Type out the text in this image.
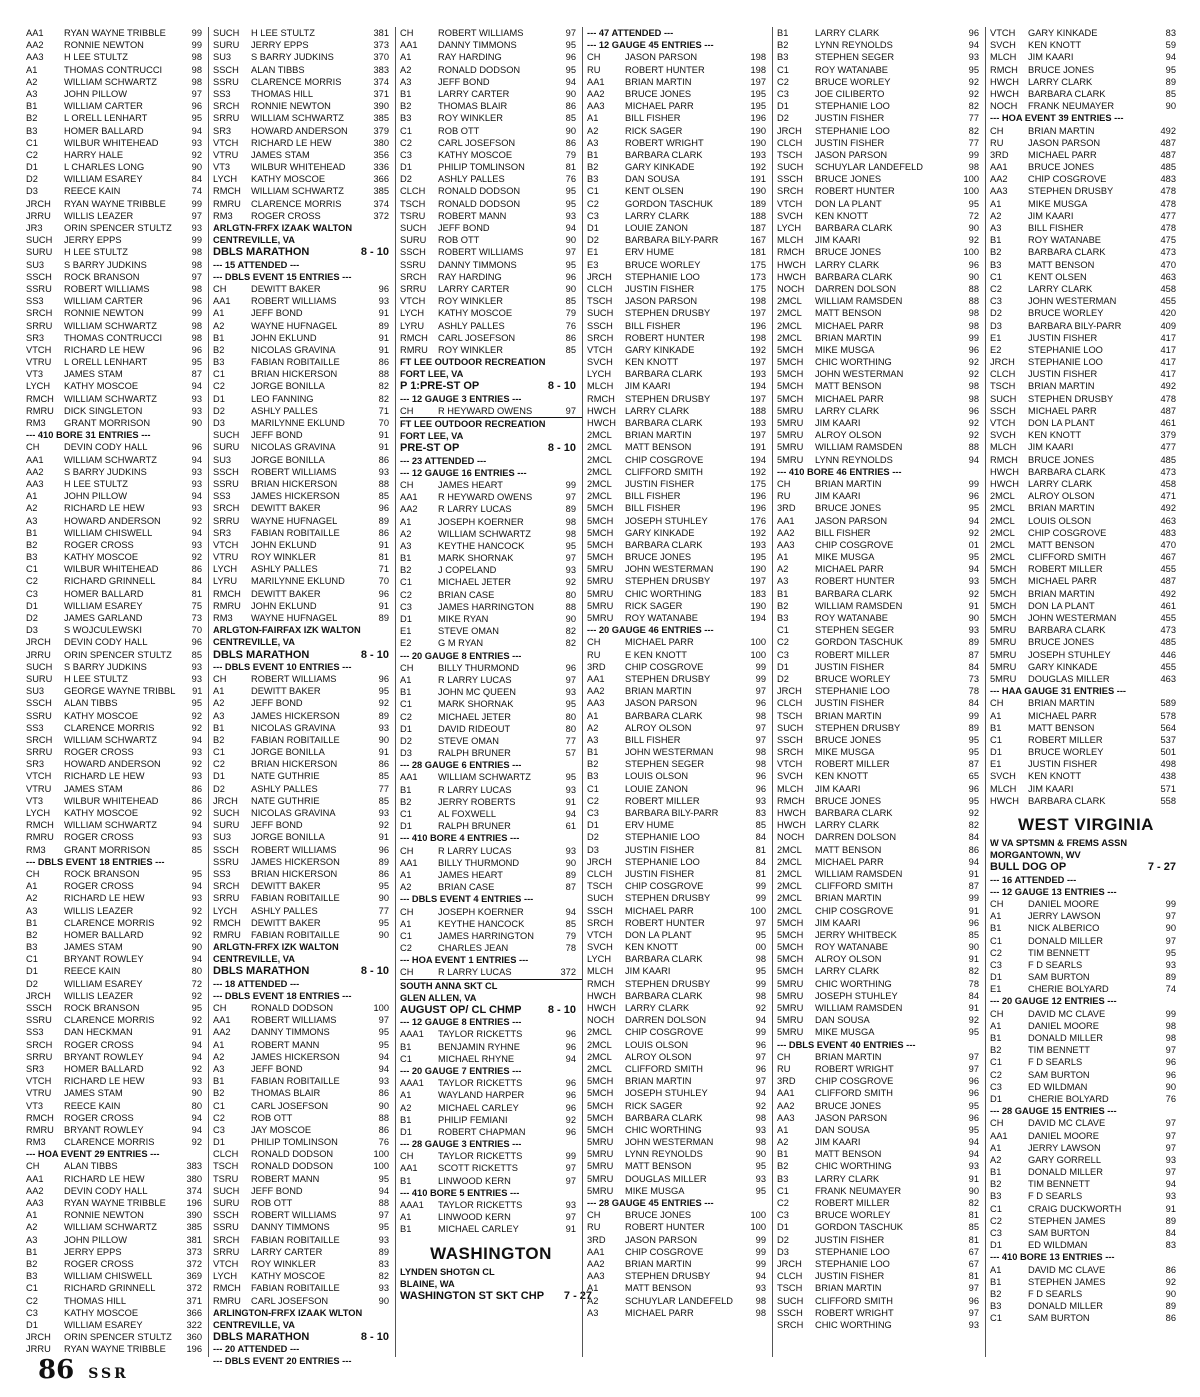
AA1	RYAN WAYNE TRIBBLE	99
AA2	RONNIE NEWTON	99
AA3	H LEE STULTZ	98
A1	THOMAS CONTRUCCI	98
A2	WILLIAM SCHWARTZ	98
A3	JOHN PILLOW	97
B1	WILLIAM CARTER	96
B2	L ORELL LENHART	95
B3	HOMER BALLARD	94
C1	WILBUR WHITEHEAD	93
C2	HARRY HALE	92
D1	L CHARLES LONG	90
D2	WILLIAM ESAREY	84
D3	REECE KAIN	74
JRCH	RYAN WAYNE TRIBBLE	99
JRRU	WILLIS LEAZER	97
JR3	ORIN SPENCER STULTZ	93
SUCH	JERRY EPPS	99
SURU	H LEE STULTZ	98
SU3	S BARRY JUDKINS	98
SSCH	ROCK BRANSON	97
SSRU	ROBERT WILLIAMS	98
SS3	WILLIAM CARTER	96
SRCH	RONNIE NEWTON	99
SRRU	WILLIAM SCHWARTZ	98
SR3	THOMAS CONTRUCCI	98
VTCH	RICHARD LE HEW	96
VTRU	L ORELL LENHART	95
VT3	JAMES STAM	87
LYCH	KATHY MOSCOE	94
RMCH	WILLIAM SCHWARTZ	93
RMRU	DICK SINGLETON	93
RM3	GRANT MORRISON	90
--- 410 BORE 31 ENTRIES ---
CH	DEVIN CODY HALL	96
AA1	WILLIAM SCHWARTZ	94
AA2	S BARRY JUDKINS	93
AA3	H LEE STULTZ	93
A1	JOHN PILLOW	94
A2	RICHARD LE HEW	93
A3	HOWARD ANDERSON	92
B1	WILLIAM CHISWELL	94
B2	ROGER CROSS	93
B3	KATHY MOSCOE	92
C1	WILBUR WHITEHEAD	86
C2	RICHARD GRINNELL	84
C3	HOMER BALLARD	81
D1	WILLIAM ESAREY	75
D2	JAMES GARLAND	73
D3	S WOJCULEWSKI	70
JRCH	DEVIN CODY HALL	96
JRRU	ORIN SPENCER STULTZ	85
SUCH	S BARRY JUDKINS	93
SURU	H LEE STULTZ	93
SU3	GEORGE WAYNE TRIBBL	91
SSCH	ALAN TIBBS	95
SSRU	KATHY MOSCOE	92
SS3	CLARENCE MORRIS	92
SRCH	WILLIAM SCHWARTZ	94
SRRU	ROGER CROSS	93
SR3	HOWARD ANDERSON	92
VTCH	RICHARD LE HEW	93
VTRU	JAMES STAM	86
VT3	WILBUR WHITEHEAD	86
LYCH	KATHY MOSCOE	92
RMCH	WILLIAM SCHWARTZ	94
RMRU	ROGER CROSS	93
RM3	GRANT MORRISON	85
--- DBLS EVENT 18 ENTRIES ---
CH	ROCK BRANSON	95
A1	ROGER CROSS	94
A2	RICHARD LE HEW	93
A3	WILLIS LEAZER	92
B1	CLARENCE MORRIS	92
B2	HOMER BALLARD	92
B3	JAMES STAM	90
C1	BRYANT ROWLEY	94
D1	REECE KAIN	80
D2	WILLIAM ESAREY	72
JRCH	WILLIS LEAZER	92
SSCH	ROCK BRANSON	95
SSRU	CLARENCE MORRIS	92
SS3	DAN HECKMAN	91
SRCH	ROGER CROSS	94
SRRU	BRYANT ROWLEY	94
SR3	HOMER BALLARD	92
VTCH	RICHARD LE HEW	93
VTRU	JAMES STAM	90
VT3	REECE KAIN	80
RMCH	ROGER CROSS	94
RMRU	BRYANT ROWLEY	94
RM3	CLARENCE MORRIS	92
--- HOA EVENT 29 ENTRIES ---
CH	ALAN TIBBS	383
AA1	RICHARD LE HEW	380
AA2	DEVIN CODY HALL	374
AA3	RYAN WAYNE TRIBBLE	196
A1	RONNIE NEWTON	390
A2	WILLIAM SCHWARTZ	385
A3	JOHN PILLOW	381
B1	JERRY EPPS	373
B2	ROGER CROSS	372
B3	WILLIAM CHISWELL	369
C1	RICHARD GRINNELL	372
C2	THOMAS HILL	371
C3	KATHY MOSCOE	366
D1	WILLIAM ESAREY	322
JRCH	ORIN SPENCER STULTZ	360
JRRU	RYAN WAYNE TRIBBLE	196
SUCH	H LEE STULTZ	381
SURU	JERRY EPPS	373
SU3	S BARRY JUDKINS	370
SSCH	ALAN TIBBS	383
SSRU	CLARENCE MORRIS	374
SS3	THOMAS HILL	371
SRCH	RONNIE NEWTON	390
SRRU	WILLIAM SCHWARTZ	385
SR3	HOWARD ANDERSON	379
VTCH	RICHARD LE HEW	380
VTRU	JAMES STAM	356
VT3	WILBUR WHITEHEAD	336
LYCH	KATHY MOSCOE	366
RMCH	WILLIAM SCHWARTZ	385
RMRU	CLARENCE MORRIS	374
RM3	ROGER CROSS	372
ARLGTN-FRFX IZAAK WALTON
CENTREVILLE, VA
DBLS MARATHON	8 - 10
--- 15 ATTENDED ---
--- DBLS EVENT 15 ENTRIES ---
CH	DEWITT BAKER	96
AA1	ROBERT WILLIAMS	93
A1	JEFF BOND	91
A2	WAYNE HUFNAGEL	89
B1	JOHN EKLUND	91
B2	NICOLAS GRAVINA	91
B3	FABIAN ROBITAILLE	86
C1	BRIAN HICKERSON	88
C2	JORGE BONILLA	82
D1	LEO FANNING	82
D2	ASHLY PALLES	71
D3	MARILYNNE EKLUND	70
SUCH	JEFF BOND	91
SURU	NICOLAS GRAVINA	91
SU3	JORGE BONILLA	86
SSCH	ROBERT WILLIAMS	93
SSRU	BRIAN HICKERSON	88
SS3	JAMES HICKERSON	85
SRCH	DEWITT BAKER	96
SRRU	WAYNE HUFNAGEL	89
SR3	FABIAN ROBITAILLE	86
VTCH	JOHN EKLUND	91
VTRU	ROY WINKLER	81
LYCH	ASHLY PALLES	71
LYRU	MARILYNNE EKLUND	70
RMCH	DEWITT BAKER	96
RMRU	JOHN EKLUND	91
RM3	WAYNE HUFNAGEL	89
ARLGTON-FAIRFAX IZK WALTON
CENTREVILLE, VA
DBLS MARATHON	8 - 10
--- DBLS EVENT 10 ENTRIES ---
CH	ROBERT WILLIAMS	96
A1	DEWITT BAKER	95
A2	JEFF BOND	92
A3	JAMES HICKERSON	89
B1	NICOLAS GRAVINA	93
B2	FABIAN ROBITAILLE	90
C1	JORGE BONILLA	91
C2	BRIAN HICKERSON	86
D1	NATE GUTHRIE	85
D2	ASHLY PALLES	77
JRCH	NATE GUTHRIE	85
SUCH	NICOLAS GRAVINA	93
SURU	JEFF BOND	92
SU3	JORGE BONILLA	91
SSCH	ROBERT WILLIAMS	96
SSRU	JAMES HICKERSON	89
SS3	BRIAN HICKERSON	86
SRCH	DEWITT BAKER	95
SRRU	FABIAN ROBITAILLE	90
LYCH	ASHLY PALLES	77
RMCH	DEWITT BAKER	95
RMRU	FABIAN ROBITAILLE	90
ARLGTN-FRFX IZK WALTON
CENTREVILLE, VA
DBLS MARATHON	8 - 10
--- 18 ATTENDED ---
--- DBLS EVENT 18 ENTRIES ---
CH	RONALD DODSON	100
AA1	ROBERT WILLIAMS	97
AA2	DANNY TIMMONS	95
A1	ROBERT MANN	95
A2	JAMES HICKERSON	94
A3	JEFF BOND	94
B1	FABIAN ROBITAILLE	93
B2	THOMAS BLAIR	86
C1	CARL JOSEFSON	90
C2	ROB OTT	88
C3	JAY MOSCOE	86
D1	PHILIP TOMLINSON	76
CLCH	RONALD DODSON	100
TSCH	RONALD DODSON	100
TSRU	ROBERT MANN	95
SUCH	JEFF BOND	94
SURU	ROB OTT	88
SSCH	ROBERT WILLIAMS	97
SSRU	DANNY TIMMONS	95
SRCH	FABIAN ROBITAILLE	93
SRRU	LARRY CARTER	89
VTCH	ROY WINKLER	83
LYCH	KATHY MOSCOE	82
RMCH	FABIAN ROBITAILLE	93
RMRU	CARL JOSEFSON	90
ARLINGTON-FRFX IZAAK WLTON
CENTREVILLE, VA
DBLS MARATHON	8 - 10
--- 20 ATTENDED ---
--- DBLS EVENT 20 ENTRIES ---
CH	ROBERT WILLIAMS	97
AA1	DANNY TIMMONS	95
A1	RAY HARDING	96
A2	RONALD DODSON	95
A3	JEFF BOND	94
B1	LARRY CARTER	90
B2	THOMAS BLAIR	86
B3	ROY WINKLER	85
C1	ROB OTT	90
C2	CARL JOSEFSON	86
C3	KATHY MOSCOE	79
D1	PHILIP TOMLINSON	81
D2	ASHLY PALLES	76
CLCH	RONALD DODSON	95
TSCH	RONALD DODSON	95
TSRU	ROBERT MANN	93
SUCH	JEFF BOND	94
SURU	ROB OTT	90
SSCH	ROBERT WILLIAMS	97
SSRU	DANNY TIMMONS	95
SRCH	RAY HARDING	96
SRRU	LARRY CARTER	90
VTCH	ROY WINKLER	85
LYCH	KATHY MOSCOE	79
LYRU	ASHLY PALLES	76
RMCH	CARL JOSEFSON	86
RMRU	ROY WINKLER	85
FT LEE OUTDOOR RECREATION
FORT LEE, VA
P 1:PRE-ST OP	8 - 10
--- 12 GAUGE 3 ENTRIES ---
CH	R HEYWARD OWENS	97
FT LEE OUTDOOR RECREATION
FORT LEE, VA
PRE-ST OP	8 - 10
--- 23 ATTENDED ---
--- 12 GAUGE 16 ENTRIES ---
CH	JAMES HEART	99
AA1	R HEYWARD OWENS	97
AA2	R LARRY LUCAS	89
A1	JOSEPH KOERNER	98
A2	WILLIAM SCHWARTZ	98
A3	KEYTHE HANCOCK	95
B1	MARK SHORNAK	97
B2	J COPELAND	93
C1	MICHAEL JETER	92
C2	BRIAN CASE	80
C3	JAMES HARRINGTON	88
D1	MIKE RYAN	90
E1	STEVE OMAN	82
E2	G M RYAN	82
--- 20 GAUGE 8 ENTRIES ---
CH	BILLY THURMOND	96
A1	R LARRY LUCAS	97
B1	JOHN MC QUEEN	93
C1	MARK SHORNAK	95
C2	MICHAEL JETER	80
D1	DAVID RIDEOUT	80
D2	STEVE OMAN	77
D3	RALPH BRUNER	57
--- 28 GAUGE 6 ENTRIES ---
AA1	WILLIAM SCHWARTZ	95
B1	R LARRY LUCAS	93
B2	JERRY ROBERTS	91
C1	AL FOXWELL	94
D1	RALPH BRUNER	61
--- 410 BORE 4 ENTRIES ---
CH	R LARRY LUCAS	93
AA1	BILLY THURMOND	90
A1	JAMES HEART	89
A2	BRIAN CASE	87
--- DBLS EVENT 4 ENTRIES ---
CH	JOSEPH KOERNER	94
A1	KEYTHE HANCOCK	85
C1	JAMES HARRINGTON	79
C2	CHARLES JEAN	78
--- HOA EVENT 1 ENTRIES ---
CH	R LARRY LUCAS	372
SOUTH ANNA SKT CL
GLEN ALLEN, VA
AUGUST OP/ CL CHMP	8 - 10
--- 12 GAUGE 8 ENTRIES ---
AAA1	TAYLOR RICKETTS	96
B1	BENJAMIN RYHNE	96
C1	MICHAEL RHYNE	94
--- 20 GAUGE 7 ENTRIES ---
AAA1	TAYLOR RICKETTS	96
A1	WAYLAND HARPER	96
A2	MICHAEL CARLEY	96
B1	PHILIP FEMIANI	92
D1	ROBERT CHAPMAN	96
--- 28 GAUGE 3 ENTRIES ---
CH	TAYLOR RICKETTS	99
AA1	SCOTT RICKETTS	97
B1	LINWOOD KERN	97
--- 410 BORE 5 ENTRIES ---
AAA1	TAYLOR RICKETTS	93
A1	LINWOOD KERN	97
B1	MICHAEL CARLEY	91
WASHINGTON
LYNDEN SHOTGN CL
BLAINE, WA
WASHINGTON ST SKT CHP	7 - 27
--- 47 ATTENDED ---
--- 12 GAUGE 45 ENTRIES ---
CH	JASON PARSON	198
RU	ROBERT HUNTER	198
AA1	BRIAN MARTIN	197
AA2	BRUCE JONES	195
AA3	MICHAEL PARR	195
A1	BILL FISHER	196
A2	RICK SAGER	190
A3	ROBERT WRIGHT	190
B1	BARBARA CLARK	193
B2	GARY KINKADE	192
B3	DAN SOUSA	191
C1	KENT OLSEN	190
C2	GORDON TASCHUK	189
C3	LARRY CLARK	188
D1	LOUIE ZANON	187
D2	BARBARA BILY-PARR	167
E1	ERV HUME	181
E3	BRUCE WORLEY	175
JRCH	STEPHANIE LOO	173
CLCH	JUSTIN FISHER	175
TSCH	JASON PARSON	198
SUCH	STEPHEN DRUSBY	197
SSCH	BILL FISHER	196
SRCH	ROBERT HUNTER	198
VTCH	GARY KINKADE	192
SVCH	KEN KNOTT	197
LYCH	BARBARA CLARK	193
MLCH	JIM KAARI	194
RMCH	STEPHEN DRUSBY	197
HWCH LARRY CLARK	188
HWCH BARBARA CLARK	193
2MCL	BRIAN MARTIN	197
2MCL	MATT BENSON	191
2MCL	CHIP COSGROVE	194
2MCL	CLIFFORD SMITH	192
2MCL	JUSTIN FISHER	175
2MCL	BILL FISHER	196
5MCH	BILL FISHER	196
5MCH	JOSEPH STUHLEY	176
5MCH	GARY KINKADE	192
5MCH	BARBARA CLARK	193
5MCH	BRUCE JONES	195
5MRU	JOHN WESTERMAN	190
5MRU	STEPHEN DRUSBY	197
5MRU	CHIC WORTHING	183
5MRU	RICK SAGER	190
5MRU	ROY WATANABE	194
--- 20 GAUGE 46 ENTRIES ---
CH	MICHAEL PARR	100
RU	E KEN KNOTT	100
3RD	CHIP COSGROVE	99
AA1	STEPHEN DRUSBY	99
AA2	BRIAN MARTIN	97
AA3	JASON PARSON	96
A1	BARBARA CLARK	98
A2	ALROY OLSON	97
A3	BILL FISHER	97
B1	JOHN WESTERMAN	98
B2	STEPHEN SEGER	98
B3	LOUIS OLSON	96
C1	LOUIE ZANON	96
C2	ROBERT MILLER	93
C3	BARBARA BILY-PARR	83
D1	ERV HUME	85
D2	STEPHANIE LOO	84
D3	JUSTIN FISHER	81
JRCH	STEPHANIE LOO	84
CLCH	JUSTIN FISHER	81
TSCH	CHIP COSGROVE	99
SUCH	STEPHEN DRUSBY	99
SSCH	MICHAEL PARR	100
SRCH	ROBERT HUNTER	97
VTCH	DON LA PLANT	95
SVCH	KEN KNOTT	00
LYCH	BARBARA CLARK	98
MLCH	JIM KAARI	95
RMCH	STEPHEN DRUSBY	99
HWCH BARBARA CLARK	98
HWCH LARRY CLARK	92
NOCH	DARREN DOLSON	94
2MCL	CHIP COSGROVE	99
2MCL	LOUIS OLSON	96
2MCL	ALROY OLSON	97
2MCL	CLIFFORD SMITH	96
5MCH	BRIAN MARTIN	97
5MCH	JOSEPH STUHLEY	94
5MCH	RICK SAGER	92
5MCH	BARBARA CLARK	98
5MCH	CHIC WORTHING	93
5MRU	JOHN WESTERMAN	98
5MRU	LYNN REYNOLDS	90
5MRU	MATT BENSON	95
5MRU	DOUGLAS MILLER	93
5MRU	MIKE MUSGA	95
--- 28 GAUGE 45 ENTRIES ---
CH	BRUCE JONES	100
RU	ROBERT HUNTER	100
3RD	JASON PARSON	99
AA1	CHIP COSGROVE	99
AA2	BRIAN MARTIN	99
AA3	STEPHEN DRUSBY	94
A1	MATT BENSON	93
A2	SCHUYLAR LANDEFELD	98
A3	MICHAEL PARR	98
B1	LARRY CLARK	96
B2	LYNN REYNOLDS	94
B3	STEPHEN SEGER	93
C1	ROY WATANABE	95
C2	BRUCE WORLEY	92
C3	JOE CILIBERTO	92
D1	STEPHANIE LOO	82
D2	JUSTIN FISHER	77
JRCH	STEPHANIE LOO	82
CLCH	JUSTIN FISHER	77
TSCH	JASON PARSON	99
SUCH	SCHUYLAR LANDEFELD	98
SSCH	BRUCE JONES	100
SRCH	ROBERT HUNTER	100
VTCH	DON LA PLANT	95
SVCH	KEN KNOTT	72
LYCH	BARBARA CLARK	90
MLCH	JIM KAARI	92
RMCH	BRUCE JONES	100
HWCH LARRY CLARK	96
HWCH BARBARA CLARK	90
NOCH	DARREN DOLSON	88
2MCL	WILLIAM RAMSDEN	88
2MCL	MATT BENSON	98
2MCL	MICHAEL PARR	98
2MCL	BRIAN MARTIN	99
5MCH	MIKE MUSGA	96
5MCH	CHIC WORTHING	92
5MCH	JOHN WESTERMAN	92
5MCH	MATT BENSON	98
5MCH	MICHAEL PARR	98
5MRU	LARRY CLARK	96
5MRU	JIM KAARI	92
5MRU	ALROY OLSON	92
5MRU	WILLIAM RAMSDEN	88
5MRU	LYNN REYNOLDS	94
--- 410 BORE 46 ENTRIES ---
CH	BRIAN MARTIN	99
RU	JIM KAARI	96
3RD	BRUCE JONES	95
AA1	JASON PARSON	94
AA2	BILL FISHER	92
AA3	CHIP COSGROVE	01
A1	MIKE MUSGA	95
A2	MICHAEL PARR	94
A3	ROBERT HUNTER	93
B1	BARBARA CLARK	92
B2	WILLIAM RAMSDEN	91
B3	ROY WATANABE	90
C1	STEPHEN SEGER	93
C2	GORDON TASCHUK	89
C3	ROBERT MILLER	87
D1	JUSTIN FISHER	84
D2	BRUCE WORLEY	73
JRCH	STEPHANIE LOO	78
CLCH	JUSTIN FISHER	84
TSCH	BRIAN MARTIN	99
SUCH	STEPHEN DRUSBY	89
SSCH	BRUCE JONES	95
SRCH	MIKE MUSGA	95
VTCH	ROBERT MILLER	87
SVCH	KEN KNOTT	65
MLCH	JIM KAARI	96
RMCH	BRUCE JONES	95
HWCH BARBARA CLARK	92
HWCH LARRY CLARK	82
NOCH	DARREN DOLSON	84
2MCL	MATT BENSON	86
2MCL	MICHAEL PARR	94
2MCL	WILLIAM RAMSDEN	91
2MCL	CLIFFORD SMITH	87
2MCL	BRIAN MARTIN	99
2MCL	CHIP COSGROVE	91
5MCH	JIM KAARI	96
5MCH	JERRY WHITBECK	85
5MCH	ROY WATANABE	90
5MCH	ALROY OLSON	91
5MCH	LARRY CLARK	82
5MRU	CHIC WORTHING	78
5MRU	JOSEPH STUHLEY	84
5MRU	WILLIAM RAMSDEN	91
5MRU	DAN SOUSA	92
5MRU	MIKE MUSGA	95
--- DBLS EVENT 40 ENTRIES ---
CH	BRIAN MARTIN	97
RU	ROBERT WRIGHT	97
3RD	CHIP COSGROVE	96
AA1	CLIFFORD SMITH	96
AA2	BRUCE JONES	95
AA3	JASON PARSON	96
A1	DAN SOUSA	95
A2	JIM KAARI	94
B1	MATT BENSON	94
B2	CHIC WORTHING	93
B3	LARRY CLARK	91
C1	FRANK NEUMAYER	90
C2	ROBERT MILLER	82
C3	BRUCE WORLEY	81
D1	GORDON TASCHUK	85
D2	JUSTIN FISHER	81
D3	STEPHANIE LOO	67
JRCH	STEPHANIE LOO	67
CLCH	JUSTIN FISHER	81
TSCH	BRIAN MARTIN	97
SUCH	CLIFFORD SMITH	96
SSCH	ROBERT WRIGHT	97
SRCH	CHIC WORTHING	93
VTCH	GARY KINKADE	83
SVCH	KEN KNOTT	59
MLCH	JIM KAARI	94
RMCH	BRUCE JONES	95
HWCH LARRY CLARK	89
HWCH BARBARA CLARK	85
NOCH	FRANK NEUMAYER	90
--- HOA EVENT 39 ENTRIES ---
CH	BRIAN MARTIN	492
RU	JASON PARSON	487
3RD	MICHAEL PARR	487
AA1	BRUCE JONES	485
AA2	CHIP COSGROVE	483
AA3	STEPHEN DRUSBY	478
A1	MIKE MUSGA	478
A2	JIM KAARI	477
A3	BILL FISHER	478
B1	ROY WATANABE	475
B2	BARBARA CLARK	473
B3	MATT BENSON	470
C1	KENT OLSEN	463
C2	LARRY CLARK	458
C3	JOHN WESTERMAN	455
D2	BRUCE WORLEY	420
D3	BARBARA BILY-PARR	409
E1	JUSTIN FISHER	417
E2	STEPHANIE LOO	417
JRCH	STEPHANIE LOO	417
CLCH	JUSTIN FISHER	417
TSCH	BRIAN MARTIN	492
SUCH	STEPHEN DRUSBY	478
SSCH	MICHAEL PARR	487
VTCH	DON LA PLANT	461
SVCH	KEN KNOTT	379
MLCH	JIM KAARI	477
RMCH	BRUCE JONES	485
HWCH BARBARA CLARK	473
HWCH LARRY CLARK	458
2MCL	ALROY OLSON	471
2MCL	BRIAN MARTIN	492
2MCL	LOUIS OLSON	463
2MCL	CHIP COSGROVE	483
2MCL	MATT BENSON	470
2MCL	CLIFFORD SMITH	467
5MCH	ROBERT MILLER	455
5MCH	MICHAEL PARR	487
5MCH	BRIAN MARTIN	492
5MCH	DON LA PLANT	461
5MCH	JOHN WESTERMAN	455
5MRU	BARBARA CLARK	473
5MRU	BRUCE JONES	485
5MRU	JOSEPH STUHLEY	446
5MRU	GARY KINKADE	455
5MRU	DOUGLAS MILLER	463
--- HAA GAUGE 31 ENTRIES ---
CH	BRIAN MARTIN	589
A1	MICHAEL PARR	578
B1	MATT BENSON	564
C1	ROBERT MILLER	537
D1	BRUCE WORLEY	501
E1	JUSTIN FISHER	498
SVCH	KEN KNOTT	438
MLCH	JIM KAARI	571
HWCH BARBARA CLARK	558
WEST VIRGINIA
W VA SPTSMN & FREMS ASSN
MORGANTOWN, WV
BULL DOG OP	7 - 27
--- 16 ATTENDED ---
--- 12 GAUGE 13 ENTRIES ---
CH	DANIEL MOORE	99
A1	JERRY LAWSON	97
B1	NICK ALBERICO	90
C1	DONALD MILLER	97
C2	TIM BENNETT	95
C3	F D SEARLS	93
D1	SAM BURTON	89
E1	CHERIE BOLYARD	74
--- 20 GAUGE 12 ENTRIES ---
CH	DAVID MC CLAVE	99
A1	DANIEL MOORE	98
B1	DONALD MILLER	98
B2	TIM BENNETT	97
C1	F D SEARLS	96
C2	SAM BURTON	96
C3	ED WILDMAN	90
D1	CHERIE BOLYARD	76
--- 28 GAUGE 15 ENTRIES ---
CH	DAVID MC CLAVE	97
AA1	DANIEL MOORE	97
A1	JERRY LAWSON	97
A2	GARY GORRELL	93
B1	DONALD MILLER	97
B2	TIM BENNETT	94
B3	F D SEARLS	93
C1	CRAIG DUCKWORTH	91
C2	STEPHEN JAMES	89
C3	SAM BURTON	84
D1	ED WILDMAN	83
--- 410 BORE 13 ENTRIES ---
A1	DAVID MC CLAVE	86
B1	STEPHEN JAMES	92
B2	F D SEARLS	90
B3	DONALD MILLER	89
C1	SAM BURTON	86
86 SSR
